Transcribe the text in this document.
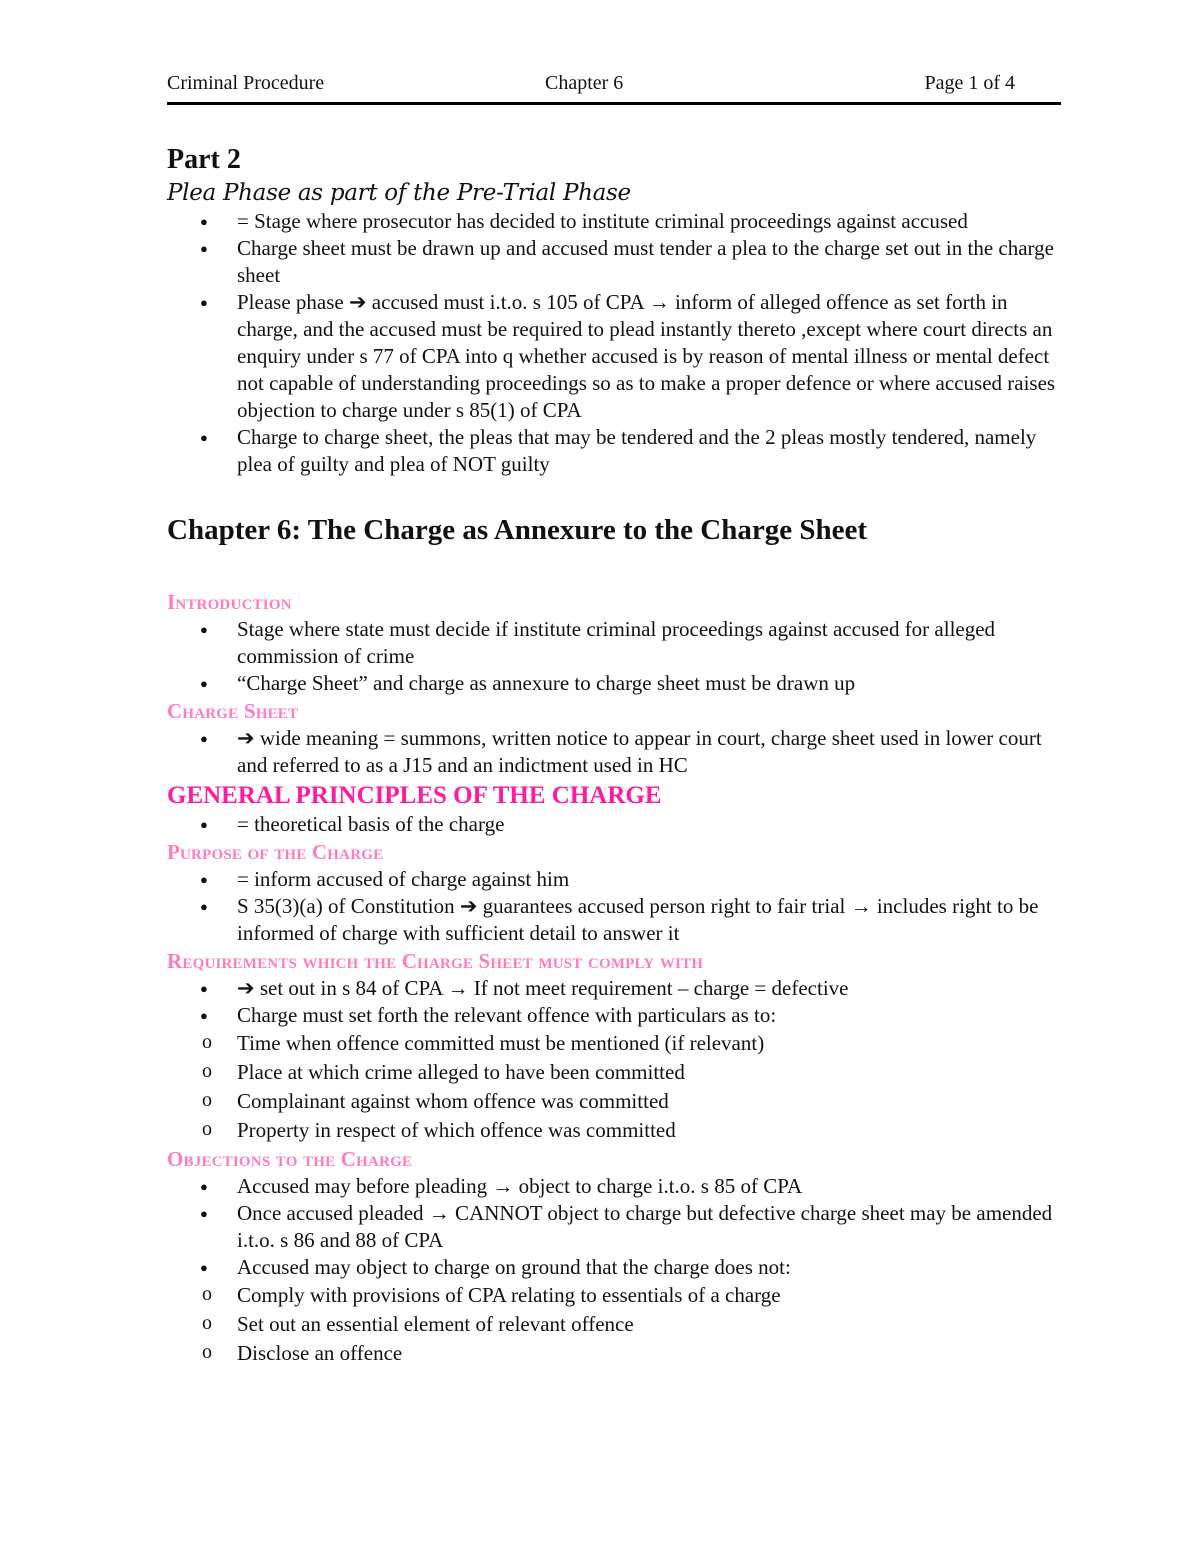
Criminal Procedure	Chapter 6	Page 1 of 4
Part 2

Plea Phase as part of the Pre-Trial Phase

● = Stage where prosecutor has decided to institute criminal proceedings against accused
● Charge sheet must be drawn up and accused must tender a plea to the charge set out in the charge sheet
● Please phase ➔ accused must i.t.o. s 105 of CPA → inform of alleged offence as set forth in charge, and the accused must be required to plead instantly thereto ,except where court directs an enquiry under s 77 of CPA into q whether accused is by reason of mental illness or mental defect not capable of understanding proceedings so as to make a proper defence or where accused raises objection to charge under s 85(1) of CPA
● Charge to charge sheet, the pleas that may be tendered and the 2 pleas mostly tendered, namely plea of guilty and plea of NOT guilty
Chapter 6: The Charge as Annexure to the Charge Sheet
Introduction
● Stage where state must decide if institute criminal proceedings against accused for alleged commission of crime
● “Charge Sheet” and charge as annexure to charge sheet must be drawn up
Charge Sheet
● ➔ wide meaning = summons, written notice to appear in court, charge sheet used in lower court and referred to as a J15 and an indictment used in HC
GENERAL PRINCIPLES OF THE CHARGE
● = theoretical basis of the charge
Purpose of the Charge
● = inform accused of charge against him
● S 35(3)(a) of Constitution ➔ guarantees accused person right to fair trial → includes right to be informed of charge with sufficient detail to answer it
Requirements which the Charge Sheet must comply with
● ➔ set out in s 84 of CPA → If not meet requirement – charge = defective
● Charge must set forth the relevant offence with particulars as to:
o Time when offence committed must be mentioned (if relevant)
o Place at which crime alleged to have been committed
o Complainant against whom offence was committed
o Property in respect of which offence was committed
Objections to the Charge
● Accused may before pleading → object to charge i.t.o. s 85 of CPA
● Once accused pleaded → CANNOT object to charge but defective charge sheet may be amended i.t.o. s 86 and 88 of CPA
● Accused may object to charge on ground that the charge does not:
o Comply with provisions of CPA relating to essentials of a charge
o Set out an essential element of relevant offence
o Disclose an offence
